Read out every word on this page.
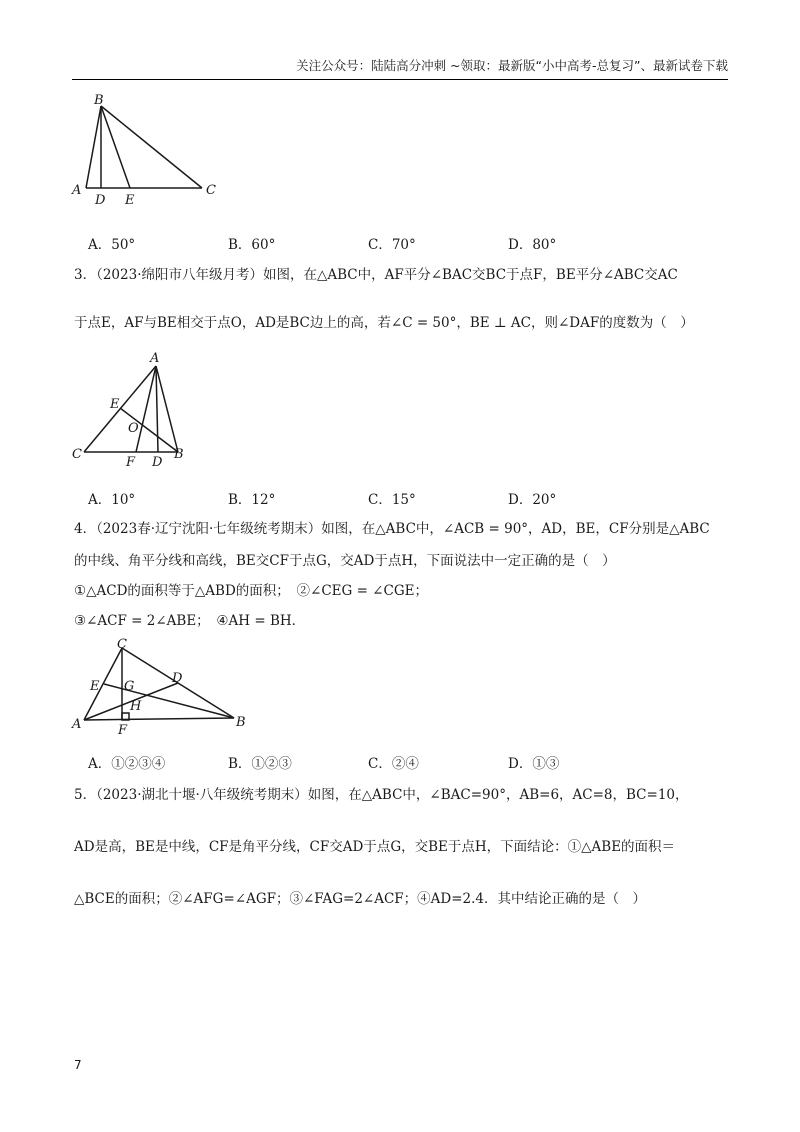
关注公众号：陆陆高分冲刺 ~领取：最新版“小中高考-总复习”、最新试卷下载
B
A
D E
C
A．50°	B．60°	C．70°	D．80°
3．（2023·绵阳市八年级月考）如图，在△ABC中，AF平分∠BAC交BC于点F，BE平分∠ABC交AC
于点E，AF与BE相交于点O，AD是BC边上的高，若∠C = 50°，BE ⊥ AC，则∠DAF的度数为（　）
A
E
O
C
F D
B
A．10°	B．12°	C．15°	D．20°
4．（2023春·辽宁沈阳·七年级统考期末）如图，在△ABC中，∠ACB = 90°，AD，BE，CF分别是△ABC
的中线、角平分线和高线，BE交CF于点G，交AD于点H，下面说法中一定正确的是（　）
①△ACD的面积等于△ABD的面积；　②∠CEG = ∠CGE；
③∠ACF = 2∠ABE；　④AH = BH．
C
D
E G
H
A	F
B
A．①②③④	B．①②③	C．②④	D．①③
5．（2023·湖北十堰·八年级统考期末）如图，在△ABC中，∠BAC=90°，AB=6，AC=8，BC=10，
AD是高，BE是中线，CF是角平分线，CF交AD于点G，交BE于点H，下面结论：①△ABE的面积＝
△BCE的面积；②∠AFG=∠AGF；③∠FAG=2∠ACF；④AD=2.4．其中结论正确的是（　）
7
